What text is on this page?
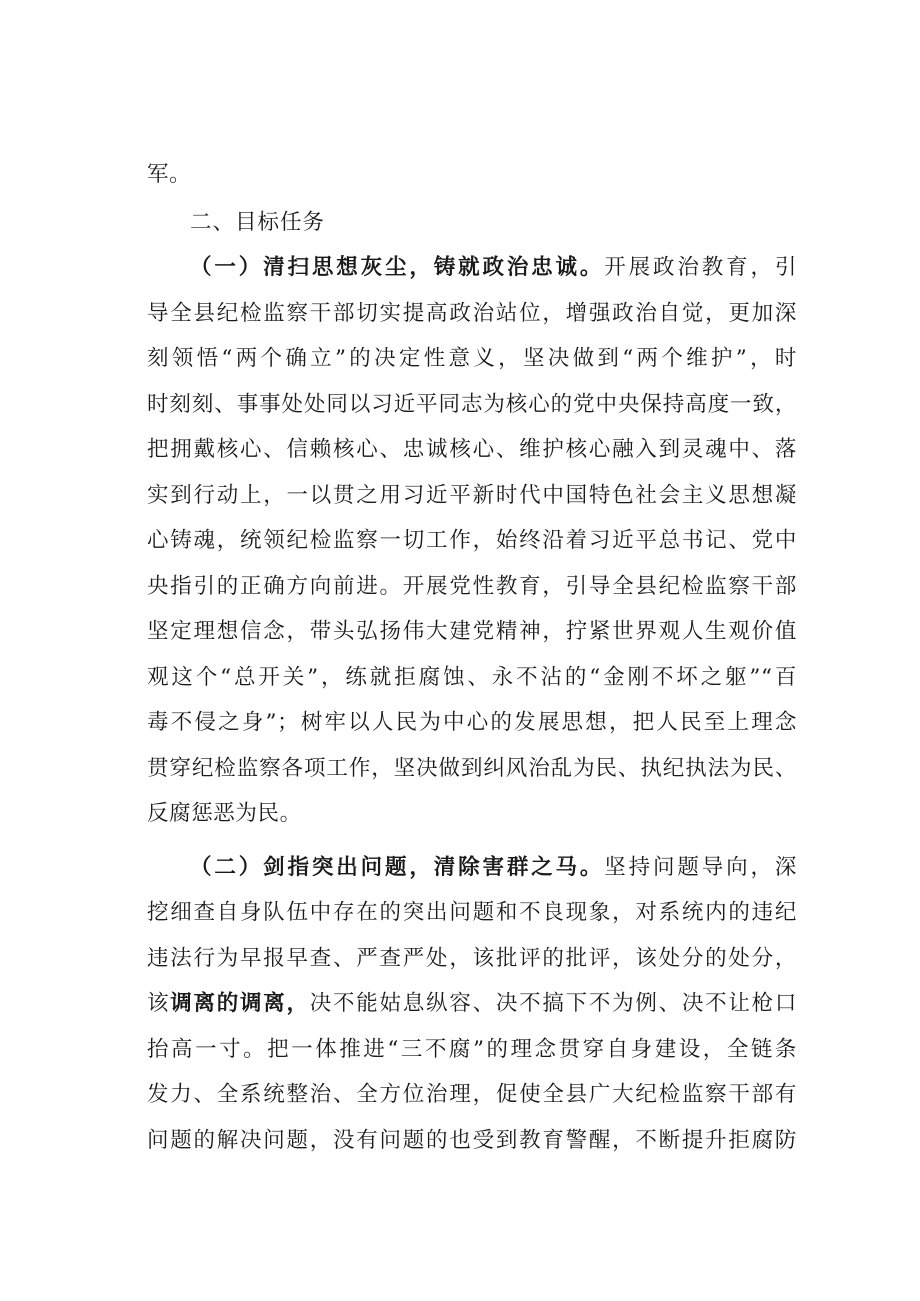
军。
二、目标任务
（一）清扫思想灰尘，铸就政治忠诚。开展政治教育，引
导全县纪检监察干部切实提高政治站位，增强政治自觉，更加深
刻领悟“两个确立”的决定性意义，坚决做到“两个维护”，时
时刻刻、事事处处同以习近平同志为核心的党中央保持高度一致，
把拥戴核心、信赖核心、忠诚核心、维护核心融入到灵魂中、落
实到行动上，一以贯之用习近平新时代中国特色社会主义思想凝
心铸魂，统领纪检监察一切工作，始终沿着习近平总书记、党中
央指引的正确方向前进。开展党性教育，引导全县纪检监察干部
坚定理想信念，带头弘扬伟大建党精神，拧紧世界观人生观价值
观这个“总开关”，练就拒腐蚀、永不沾的“金刚不坏之躯”“百
毒不侵之身”；树牢以人民为中心的发展思想，把人民至上理念
贯穿纪检监察各项工作，坚决做到纠风治乱为民、执纪执法为民、
反腐惩恶为民。
（二）剑指突出问题，清除害群之马。坚持问题导向，深
挖细查自身队伍中存在的突出问题和不良现象，对系统内的违纪
违法行为早报早查、严查严处，该批评的批评，该处分的处分，
该调离的调离，决不能姑息纵容、决不搞下不为例、决不让枪口
抬高一寸。把一体推进“三不腐”的理念贯穿自身建设，全链条
发力、全系统整治、全方位治理，促使全县广大纪检监察干部有
问题的解决问题，没有问题的也受到教育警醒，不断提升拒腐防
